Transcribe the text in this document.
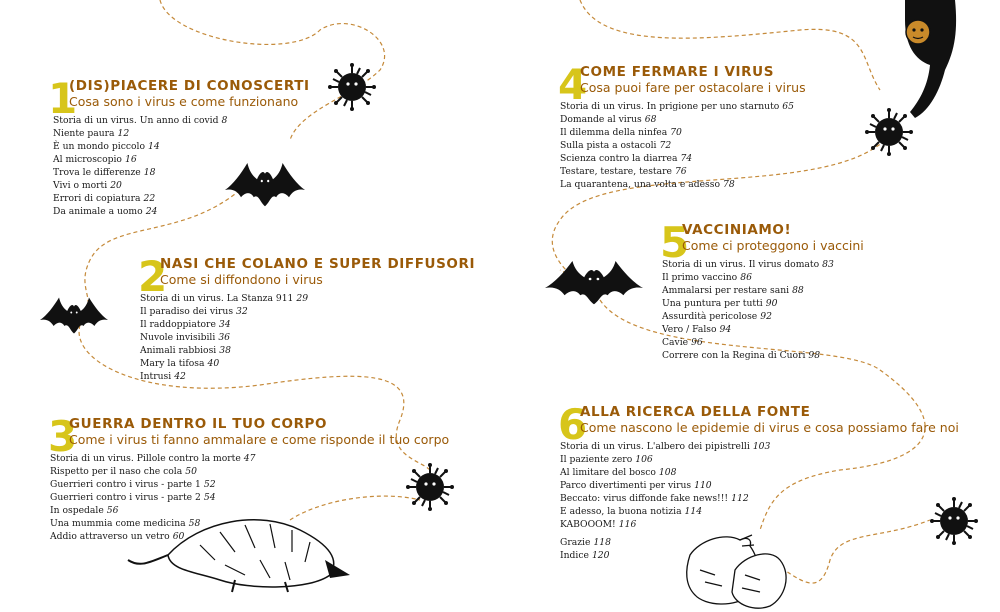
1
(DIS)PIACERE DI CONOSCERTI
Cosa sono i virus e come funzionano
Storia di un virus. Un anno di covid 8
Niente paura 12
È un mondo piccolo 14
Al microscopio 16
Trova le differenze 18
Vivi o morti 20
Errori di copiatura 22
Da animale a uomo 24
2
NASI CHE COLANO E SUPER DIFFUSORI
Come si diffondono i virus
Storia di un virus. La Stanza 911 29
Il paradiso dei virus 32
Il raddoppiatore 34
Nuvole invisibili 36
Animali rabbiosi 38
Mary la tifosa 40
Intrusi 42
3
GUERRA DENTRO IL TUO CORPO
Come i virus ti fanno ammalare e come risponde il tuo corpo
Storia di un virus. Pillole contro la morte 47
Rispetto per il naso che cola 50
Guerrieri contro i virus - parte 1 52
Guerrieri contro i virus - parte 2 54
In ospedale 56
Una mummia come medicina 58
Addio attraverso un vetro 60
4
COME FERMARE I VIRUS
Cosa puoi fare per ostacolare i virus
Storia di un virus. In prigione per uno starnuto 65
Domande al virus 68
Il dilemma della ninfea 70
Sulla pista a ostacoli 72
Scienza contro la diarrea 74
Testare, testare, testare 76
La quarantena, una volta e adesso 78
5
VACCINIAMO!
Come ci proteggono i vaccini
Storia di un virus. Il virus domato 83
Il primo vaccino 86
Ammalarsi per restare sani 88
Una puntura per tutti 90
Assurdità pericolose 92
Vero / Falso 94
Cavie 96
Correre con la Regina di Cuori 98
6
ALLA RICERCA DELLA FONTE
Come nascono le epidemie di virus e cosa possiamo fare noi
Storia di un virus. L'albero dei pipistrelli 103
Il paziente zero 106
Al limitare del bosco 108
Parco divertimenti per virus 110
Beccato: virus diffonde fake news!!! 112
E adesso, la buona notizia 114
KABOOOM! 116
Grazie 118
Indice 120
